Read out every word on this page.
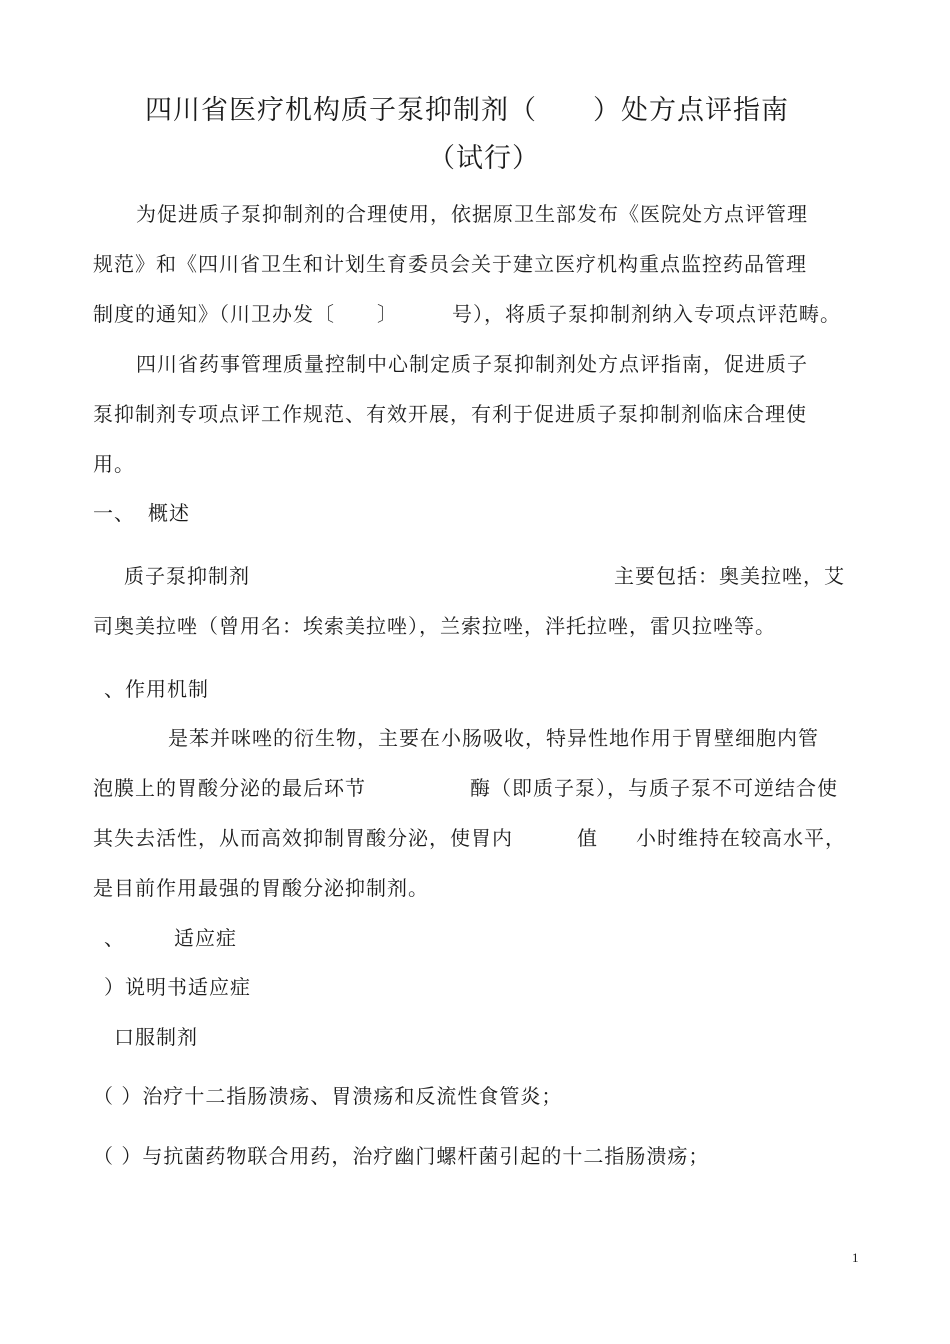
四川省医疗机构质子泵抑制剂（　　）处方点评指南
（试行）
为促进质子泵抑制剂的合理使用，依据原卫生部发布《医院处方点评管理
规范》和《四川省卫生和计划生育委员会关于建立医疗机构重点监控药品管理
制度的通知》（川卫办发〔　　〕	号），将质子泵抑制剂纳入专项点评范畴。
四川省药事管理质量控制中心制定质子泵抑制剂处方点评指南，促进质子
泵抑制剂专项点评工作规范、有效开展，有利于促进质子泵抑制剂临床合理使
用。
一、 概述
质子泵抑制剂	主要包括：奥美拉唑，艾
司奥美拉唑（曾用名：埃索美拉唑），兰索拉唑，泮托拉唑，雷贝拉唑等。
、作用机制
是苯并咪唑的衍生物，主要在小肠吸收，特异性地作用于胃壁细胞内管
泡膜上的胃酸分泌的最后环节	酶（即质子泵），与质子泵不可逆结合使
其失去活性，从而高效抑制胃酸分泌，使胃内	值 小时维持在较高水平，
是目前作用最强的胃酸分泌抑制剂。
、 适应症
）说明书适应症
口服制剂
（ ）治疗十二指肠溃疡、胃溃疡和反流性食管炎；
（ ）与抗菌药物联合用药，治疗幽门螺杆菌引起的十二指肠溃疡；
1
